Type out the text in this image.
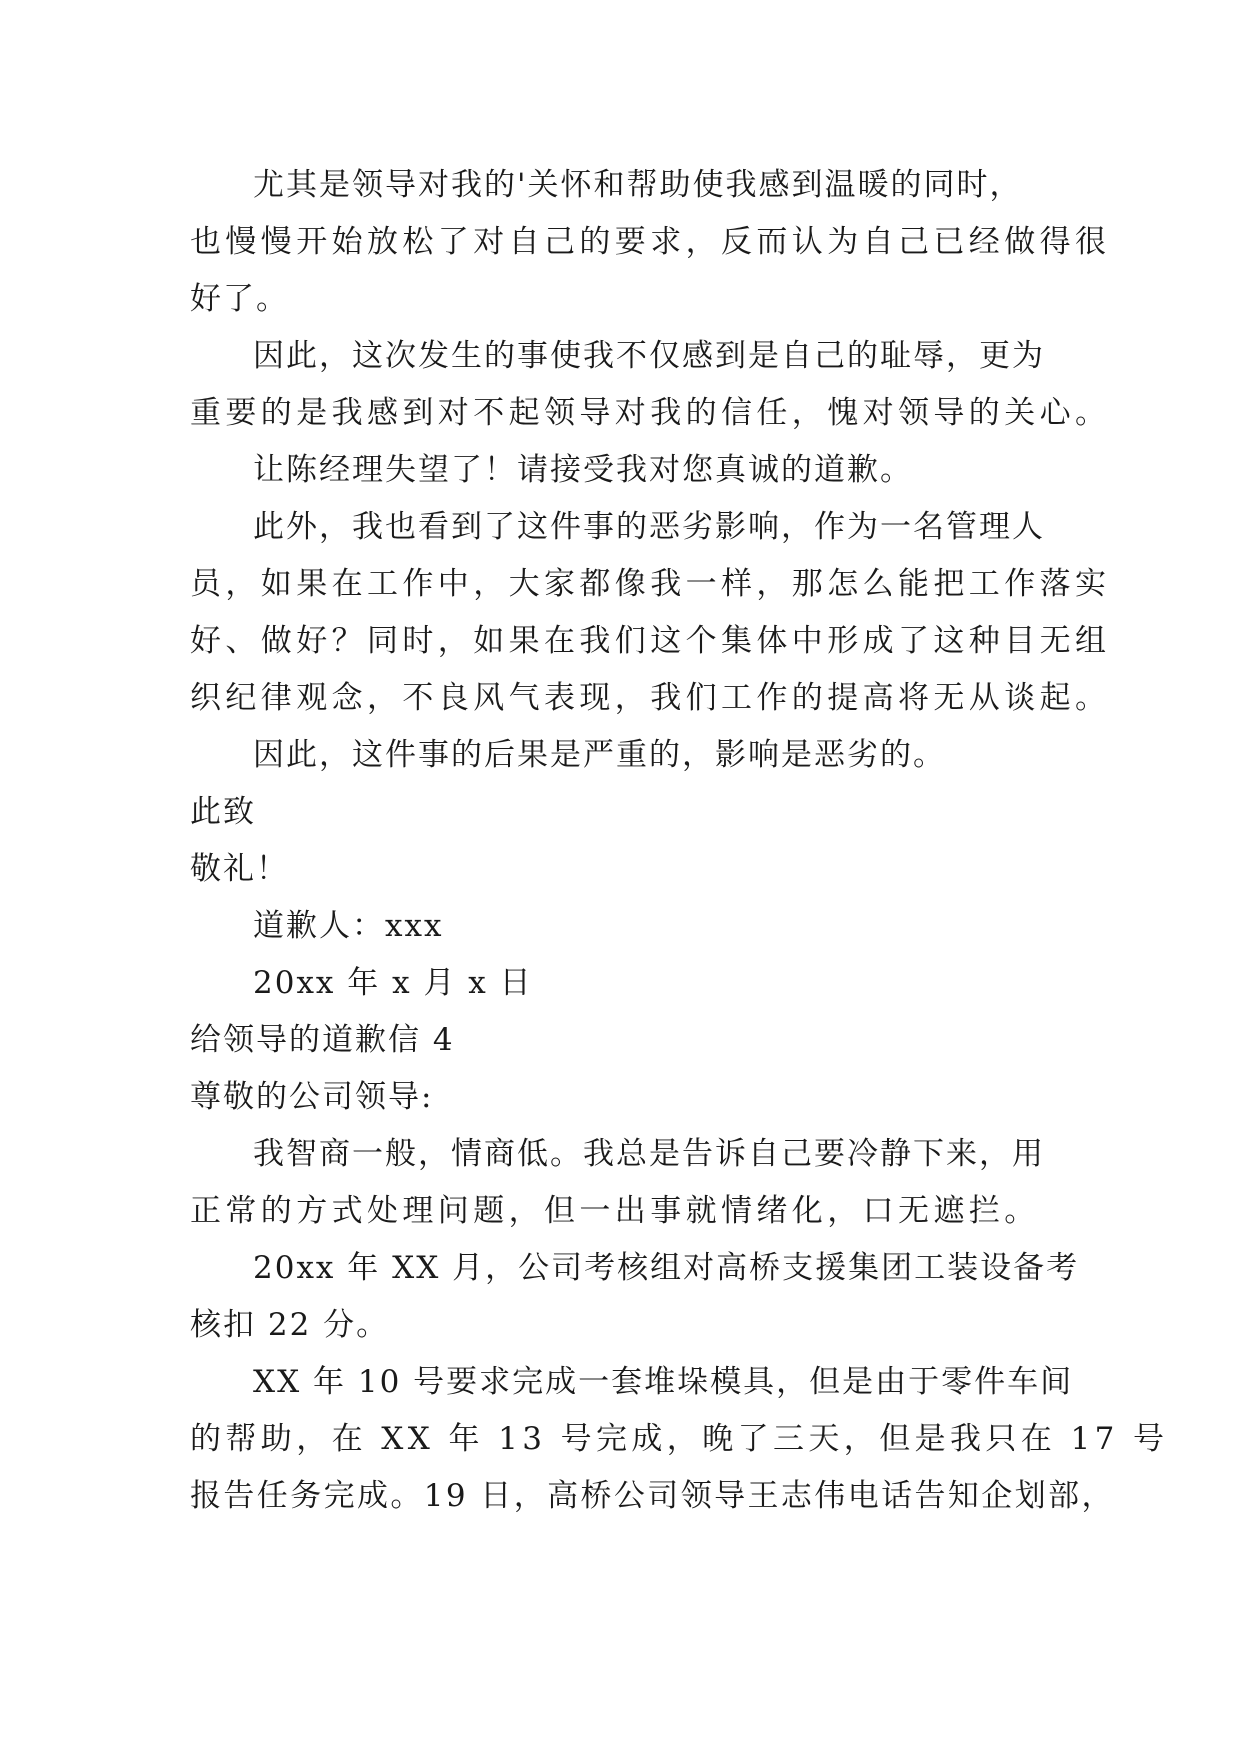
尤其是领导对我的'关怀和帮助使我感到温暖的同时，
也慢慢开始放松了对自己的要求，反而认为自己已经做得很
好了。
因此，这次发生的事使我不仅感到是自己的耻辱，更为
重要的是我感到对不起领导对我的信任，愧对领导的关心。
让陈经理失望了！请接受我对您真诚的道歉。
此外，我也看到了这件事的恶劣影响，作为一名管理人
员，如果在工作中，大家都像我一样，那怎么能把工作落实
好、做好？同时，如果在我们这个集体中形成了这种目无组
织纪律观念，不良风气表现，我们工作的提高将无从谈起。
因此，这件事的后果是严重的，影响是恶劣的。
此致
敬礼！
道歉人：xxx
20xx 年 x 月 x 日
给领导的道歉信 4
尊敬的公司领导:
我智商一般，情商低。我总是告诉自己要冷静下来，用
正常的方式处理问题，但一出事就情绪化，口无遮拦。
20xx 年 XX 月，公司考核组对高桥支援集团工装设备考
核扣 22 分。
XX 年 10 号要求完成一套堆垛模具，但是由于零件车间
的帮助，在 XX 年 13 号完成，晚了三天，但是我只在 17 号
报告任务完成。19 日，高桥公司领导王志伟电话告知企划部，
